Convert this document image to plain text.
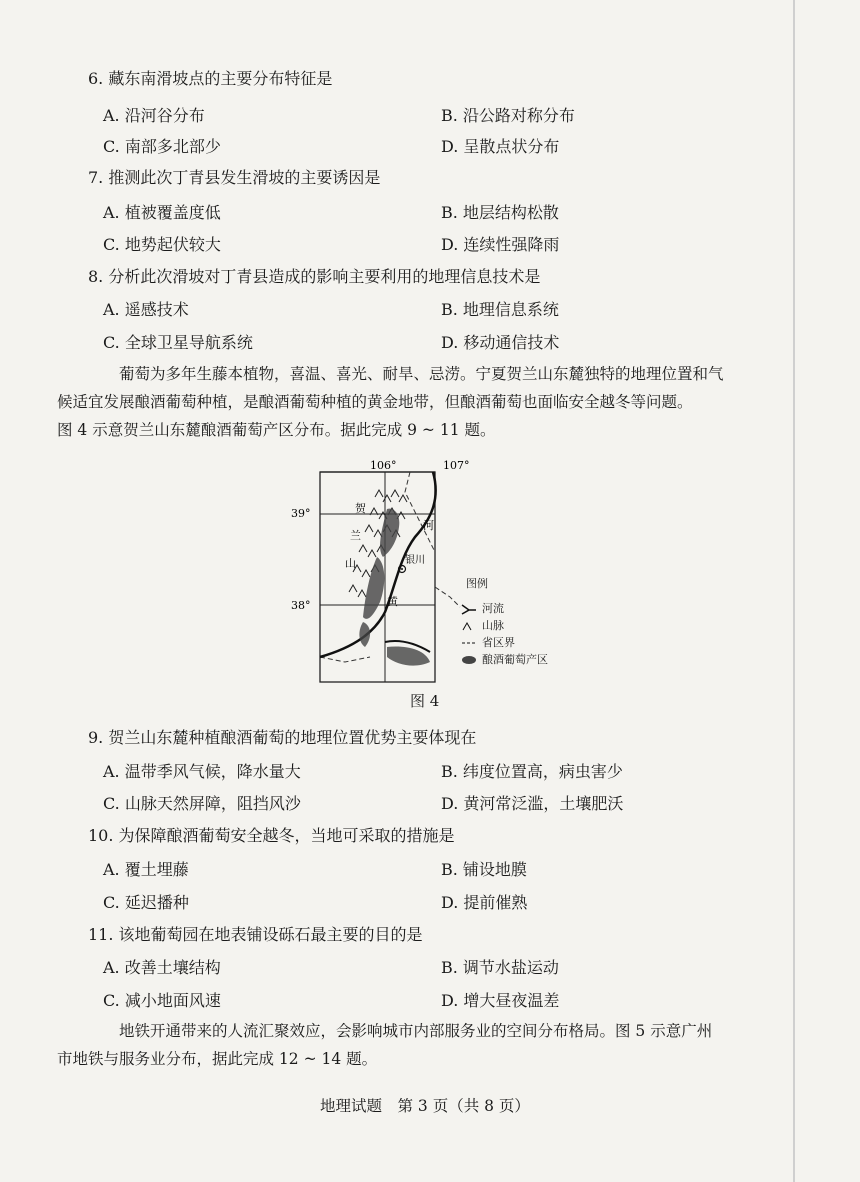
6. 藏东南滑坡点的主要分布特征是
A. 沿河谷分布	B. 沿公路对称分布
C. 南部多北部少	D. 呈散点状分布
7. 推测此次丁青县发生滑坡的主要诱因是
A. 植被覆盖度低	B. 地层结构松散
C. 地势起伏较大	D. 连续性强降雨
8. 分析此次滑坡对丁青县造成的影响主要利用的地理信息技术是
A. 遥感技术	B. 地理信息系统
C. 全球卫星导航系统	D. 移动通信技术
葡萄为多年生藤本植物，喜温、喜光、耐旱、忌涝。宁夏贺兰山东麓独特的地理位置和气
候适宜发展酿酒葡萄种植，是酿酒葡萄种植的黄金地带，但酿酒葡萄也面临安全越冬等问题。
图 4 示意贺兰山东麓酿酒葡萄产区分布。据此完成 9 ~ 11 题。
106°	107°
39°
38°
贺
兰
山
河
黄
银川
图例
河流
山脉
省区界
酿酒葡萄产区
图 4
9. 贺兰山东麓种植酿酒葡萄的地理位置优势主要体现在
A. 温带季风气候，降水量大	B. 纬度位置高，病虫害少
C. 山脉天然屏障，阻挡风沙	D. 黄河常泛滥，土壤肥沃
10. 为保障酿酒葡萄安全越冬，当地可采取的措施是
A. 覆土埋藤	B. 铺设地膜
C. 延迟播种	D. 提前催熟
11. 该地葡萄园在地表铺设砾石最主要的目的是
A. 改善土壤结构	B. 调节水盐运动
C. 减小地面风速	D. 增大昼夜温差
地铁开通带来的人流汇聚效应，会影响城市内部服务业的空间分布格局。图 5 示意广州
市地铁与服务业分布，据此完成 12 ~ 14 题。
地理试题　第 3 页（共 8 页）
